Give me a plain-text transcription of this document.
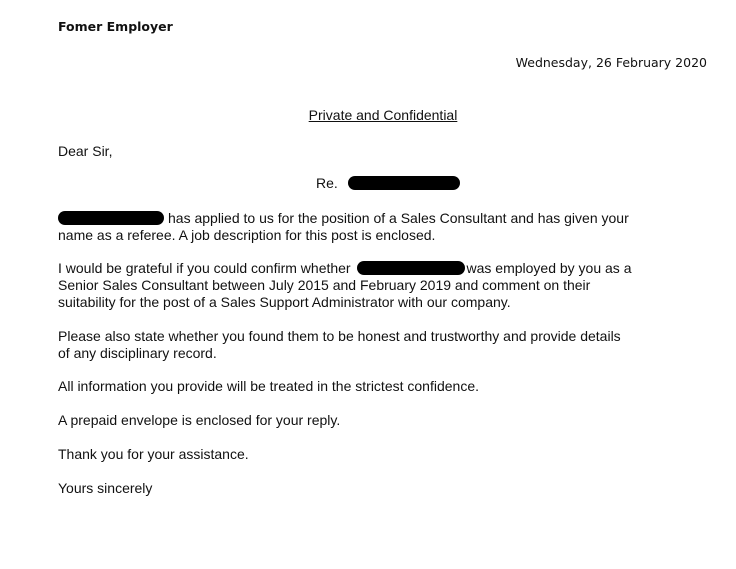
Fomer Employer
Wednesday, 26 February 2020
Private and Confidential
Dear Sir,
Re.
has applied to us for the position of a Sales Consultant and has given your
name as a referee. A job description for this post is enclosed.
I would be grateful if you could confirm whether	was employed by you as a
Senior Sales Consultant between July 2015 and February 2019 and comment on their
suitability for the post of a Sales Support Administrator with our company.
Please also state whether you found them to be honest and trustworthy and provide details
of any disciplinary record.
All information you provide will be treated in the strictest confidence.
A prepaid envelope is enclosed for your reply.
Thank you for your assistance.
Yours sincerely
